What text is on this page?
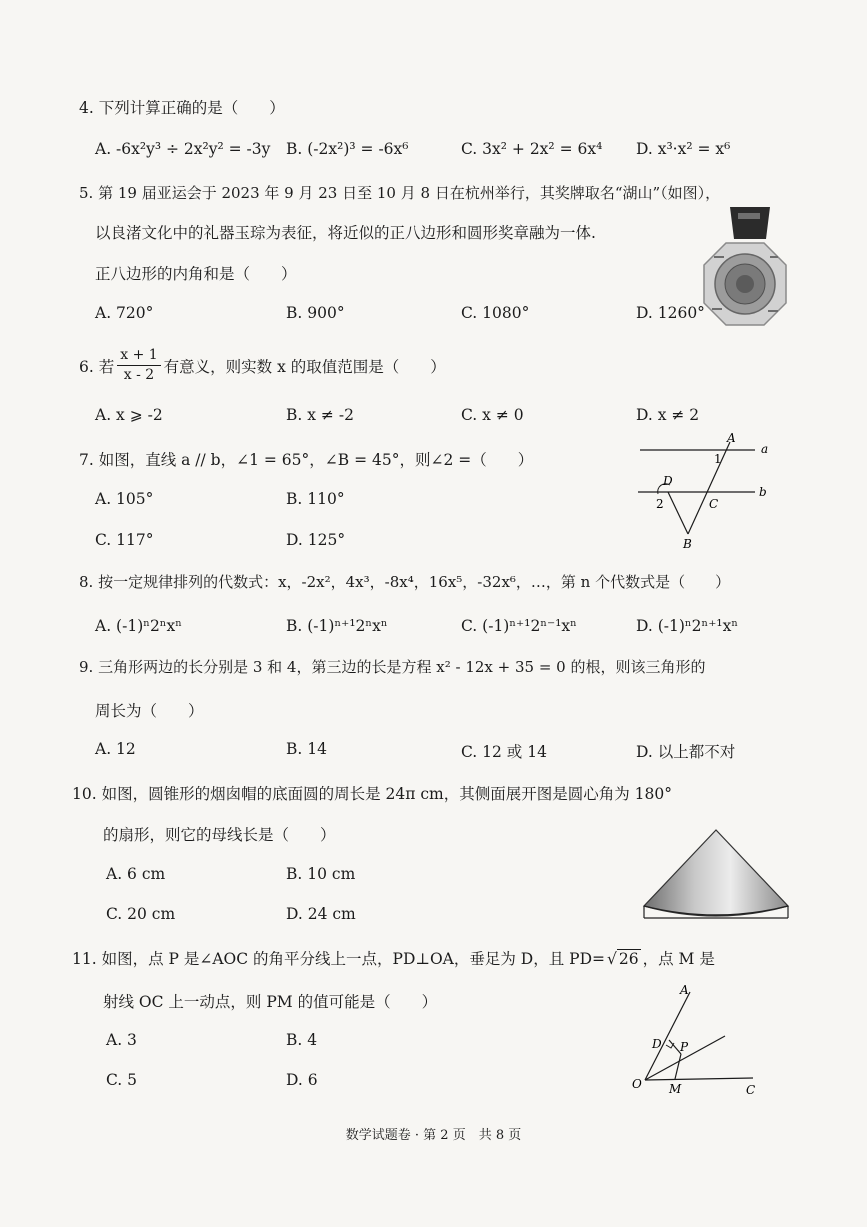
4. 下列计算正确的是（　　）
A. -6x²y³ ÷ 2x²y² = -3y B. (-2x²)³ = -6x⁶	C. 3x² + 2x² = 6x⁴ D. x³·x² = x⁶
5. 第 19 届亚运会于 2023 年 9 月 23 日至 10 月 8 日在杭州举行，其奖牌取名“湖山”（如图），
以良渚文化中的礼器玉琮为表征，将近似的正八边形和圆形奖章融为一体.
正八边形的内角和是（　　）
A. 720°	B. 900°	C. 1080°	D. 1260°
6. 若 $\frac{x + 1}{x - 2}$ 有意义，则实数 x 的取值范围是（　　）
A. x ⩾ -2	B. x ≠ -2	C. x ≠ 0	D. x ≠ 2
7. 如图，直线 a // b，∠1 = 65°，∠B = 45°，则∠2 =（　　）
A. 105°	B. 110°
C. 117°	D. 125°
A
a
1
D
b
2	C
B
8. 按一定规律排列的代数式：x，-2x²，4x³，-8x⁴，16x⁵，-32x⁶，…，第 n 个代数式是（　　）
A. (-1)ⁿ2ⁿxⁿ	B. (-1)ⁿ⁺¹2ⁿxⁿ	C. (-1)ⁿ⁺¹2ⁿ⁻¹xⁿ	D. (-1)ⁿ2ⁿ⁺¹xⁿ
9. 三角形两边的长分别是 3 和 4，第三边的长是方程 x² - 12x + 35 = 0 的根，则该三角形的
周长为（　　）
A. 12	B. 14	C. 12 或 14	D. 以上都不对
10. 如图，圆锥形的烟囱帽的底面圆的周长是 24π cm，其侧面展开图是圆心角为 180°
的扇形，则它的母线长是（　　）
A. 6 cm	B. 10 cm
C. 20 cm	D. 24 cm
11. 如图，点 P 是∠AOC 的角平分线上一点，PD⊥OA，垂足为 D，且 PD= √ 26 ，点 M 是
射线 OC 上一动点，则 PM 的值可能是（　　）
A. 3	B. 4
C. 5	D. 6
A
D P
O M	C
数学试题卷 · 第 2 页　共 8 页
